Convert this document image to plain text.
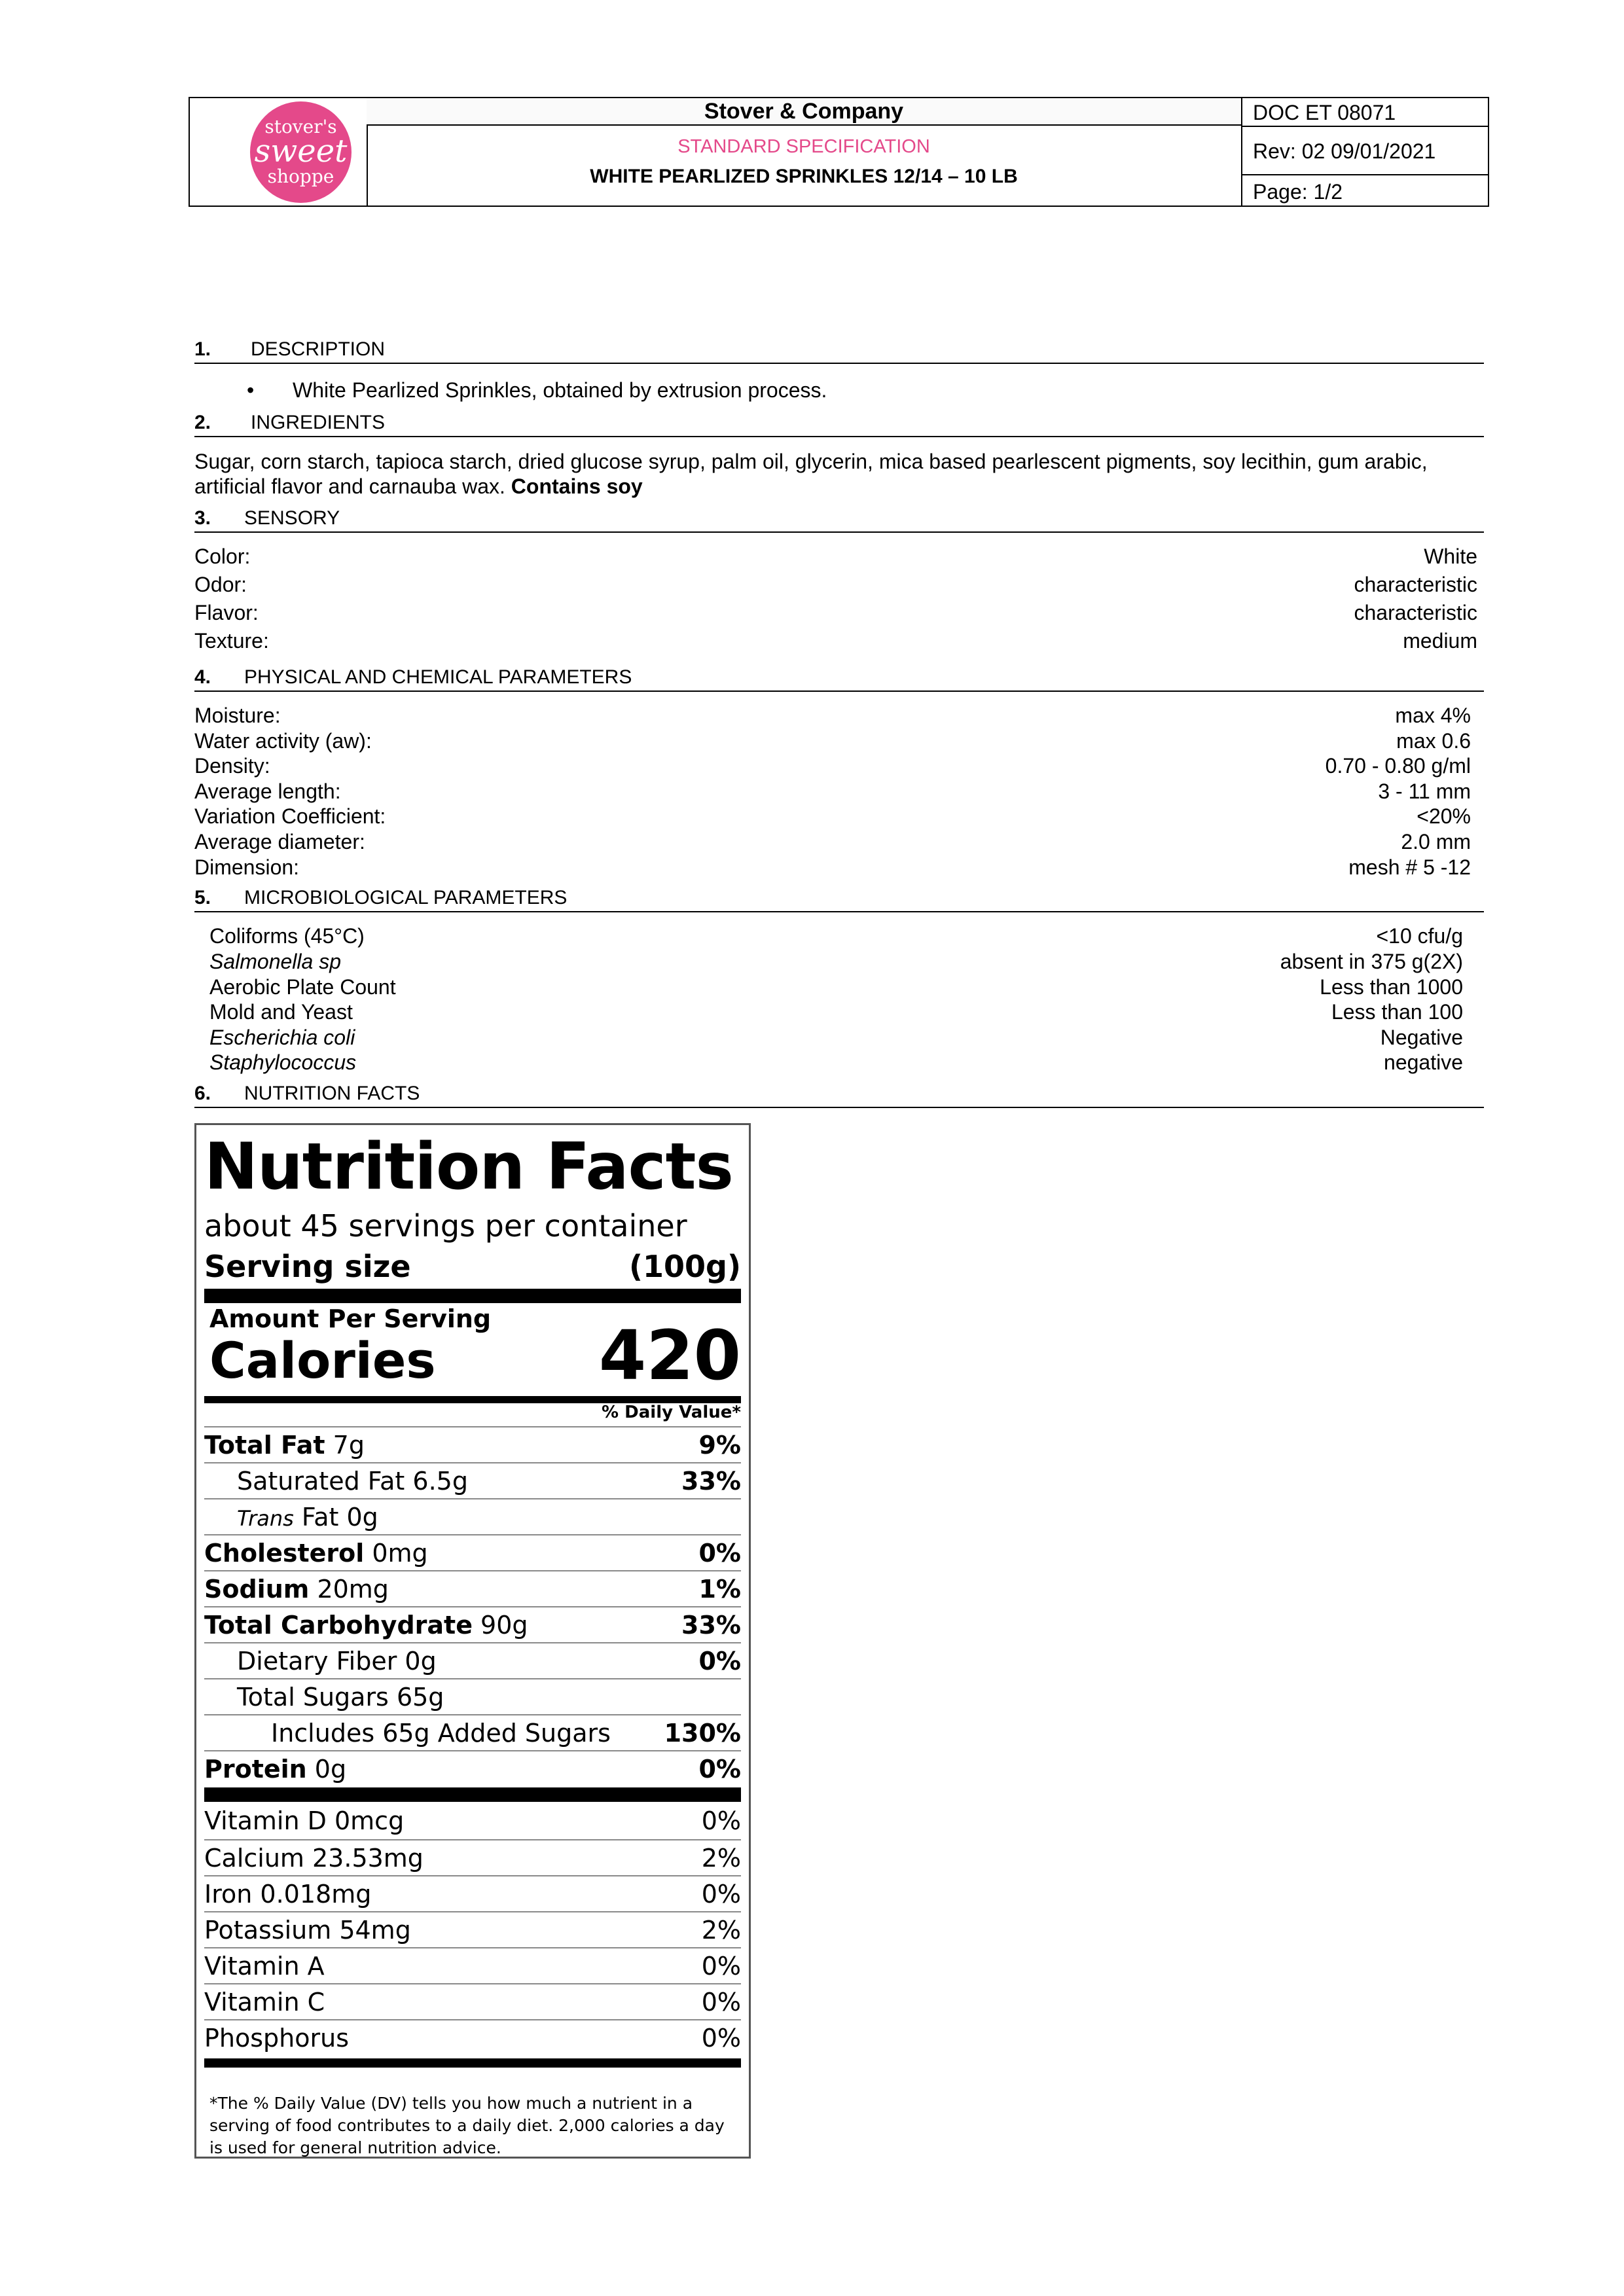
stover's
sweet
shoppe
Stover & Company
STANDARD SPECIFICATION
WHITE PEARLIZED SPRINKLES 12/14 – 10 LB
DOC ET 08071
Rev: 02 09/01/2021
Page: 1/2
1. DESCRIPTION
• White Pearlized Sprinkles, obtained by extrusion process.
2. INGREDIENTS
Sugar, corn starch, tapioca starch, dried glucose syrup, palm oil, glycerin, mica based pearlescent pigments, soy lecithin, gum arabic, artificial flavor and carnauba wax. Contains soy
3. SENSORY
Color:	White
Odor:	characteristic
Flavor:	characteristic
Texture:	medium
4. PHYSICAL AND CHEMICAL PARAMETERS
Moisture:	max 4%
Water activity (aw):	max 0.6
Density:	0.70 - 0.80 g/ml
Average length:	3 - 11 mm
Variation Coefficient:	<20%
Average diameter:	2.0 mm
Dimension:	mesh # 5 -12
5. MICROBIOLOGICAL PARAMETERS
Coliforms (45°C)	<10 cfu/g
Salmonella sp	absent in 375 g(2X)
Aerobic Plate Count	Less than 1000
Mold and Yeast	Less than 100
Escherichia coli	Negative
Staphylococcus	negative
6. NUTRITION FACTS
Nutrition Facts
about 45 servings per container
Serving size	(100g)
Amount Per Serving
Calories 420
% Daily Value*
Total Fat 7g	9%
Saturated Fat 6.5g	33%
Trans Fat 0g
Cholesterol 0mg	0%
Sodium 20mg	1%
Total Carbohydrate 90g	33%
Dietary Fiber 0g	0%
Total Sugars 65g
Includes 65g Added Sugars 130%
Protein 0g	0%
Vitamin D 0mcg	0%
Calcium 23.53mg	2%
Iron 0.018mg	0%
Potassium 54mg	2%
Vitamin A	0%
Vitamin C	0%
Phosphorus	0%
*The % Daily Value (DV) tells you how much a nutrient in a serving of food contributes to a daily diet. 2,000 calories a day is used for general nutrition advice.
